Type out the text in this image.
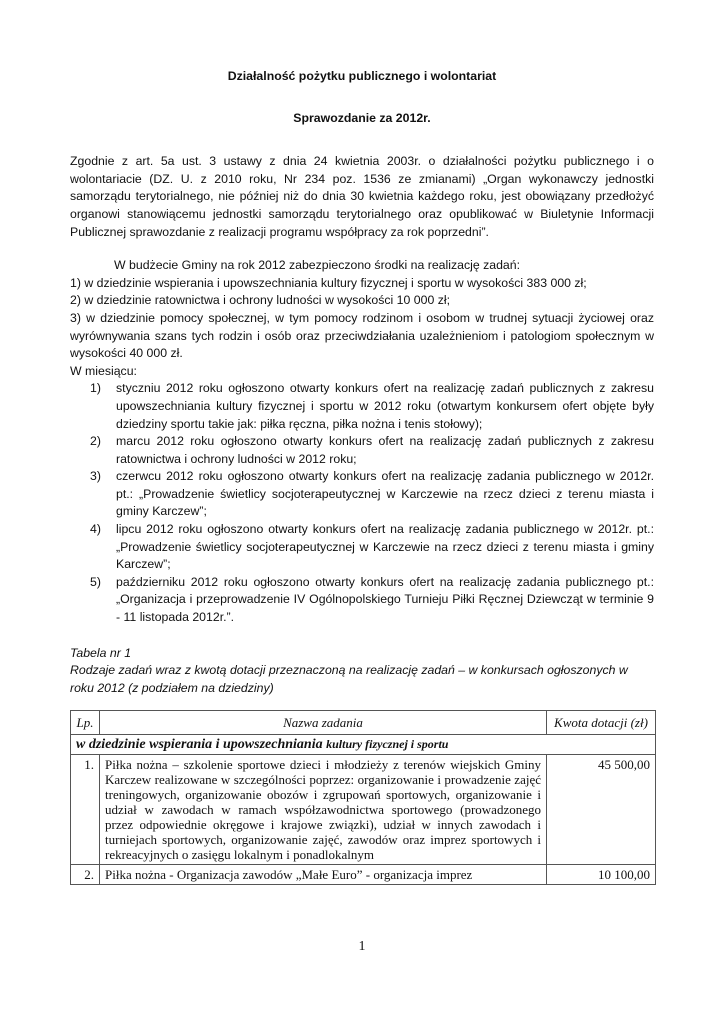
Działalność pożytku publicznego i wolontariat

Sprawozdanie za 2012r.

Zgodnie z art. 5a ust. 3 ustawy z dnia 24 kwietnia 2003r. o działalności pożytku publicznego i o wolontariacie (DZ. U. z 2010 roku, Nr 234 poz. 1536 ze zmianami) „Organ wykonawczy jednostki samorządu terytorialnego, nie później niż do dnia 30 kwietnia każdego roku, jest obowiązany przedłożyć organowi stanowiącemu jednostki samorządu terytorialnego oraz opublikować w Biuletynie Informacji Publicznej sprawozdanie z realizacji programu współpracy za rok poprzedni”.

W budżecie Gminy na rok 2012 zabezpieczono środki na realizację zadań:

1) w dziedzinie wspierania i upowszechniania kultury fizycznej i sportu w wysokości 383 000 zł;

2) w dziedzinie ratownictwa i ochrony ludności w wysokości 10 000 zł;

3) w dziedzinie pomocy społecznej, w tym pomocy rodzinom i osobom w trudnej sytuacji życiowej oraz wyrównywania szans tych rodzin i osób oraz przeciwdziałania uzależnieniom i patologiom społecznym w wysokości 40 000 zł.

W miesiącu:

1) styczniu 2012 roku ogłoszono otwarty konkurs ofert na realizację zadań publicznych z zakresu upowszechniania kultury fizycznej i sportu w 2012 roku (otwartym konkursem ofert objęte były dziedziny sportu takie jak: piłka ręczna, piłka nożna i tenis stołowy);
2) marcu 2012 roku ogłoszono otwarty konkurs ofert na realizację zadań publicznych z zakresu ratownictwa i ochrony ludności w 2012 roku;
3) czerwcu 2012 roku ogłoszono otwarty konkurs ofert na realizację zadania publicznego w 2012r. pt.: „Prowadzenie świetlicy socjoterapeutycznej w Karczewie na rzecz dzieci z terenu miasta i gminy Karczew”;
4) lipcu 2012 roku ogłoszono otwarty konkurs ofert na realizację zadania publicznego w 2012r. pt.: „Prowadzenie świetlicy socjoterapeutycznej w Karczewie na rzecz dzieci z terenu miasta i gminy Karczew”;
5) październiku 2012 roku ogłoszono otwarty konkurs ofert na realizację zadania publicznego pt.: „Organizacja i przeprowadzenie IV Ogólnopolskiego Turnieju Piłki Ręcznej Dziewcząt w terminie 9 - 11 listopada 2012r.”.

Tabela nr 1

Rodzaje zadań wraz z kwotą dotacji przeznaczoną na realizację zadań – w konkursach ogłoszonych w roku 2012 (z podziałem na dziedziny)

Lp.	Nazwa zadania	Kwota dotacji (zł)
w dziedzinie wspierania i upowszechniania kultury fizycznej i sportu		
1.	Piłka nożna – szkolenie sportowe dzieci i młodzieży z terenów wiejskich Gminy Karczew realizowane w szczególności poprzez: organizowanie i prowadzenie zajęć treningowych, organizowanie obozów i zgrupowań sportowych, organizowanie i udział w zawodach w ramach współzawodnictwa sportowego (prowadzonego przez odpowiednie okręgowe i krajowe związki), udział w innych zawodach i turniejach sportowych, organizowanie zajęć, zawodów oraz imprez sportowych i rekreacyjnych o zasięgu lokalnym i ponadlokalnym	45 500,00
2.	Piłka nożna - Organizacja zawodów „Małe Euro” - organizacja imprez	10 100,00
1
